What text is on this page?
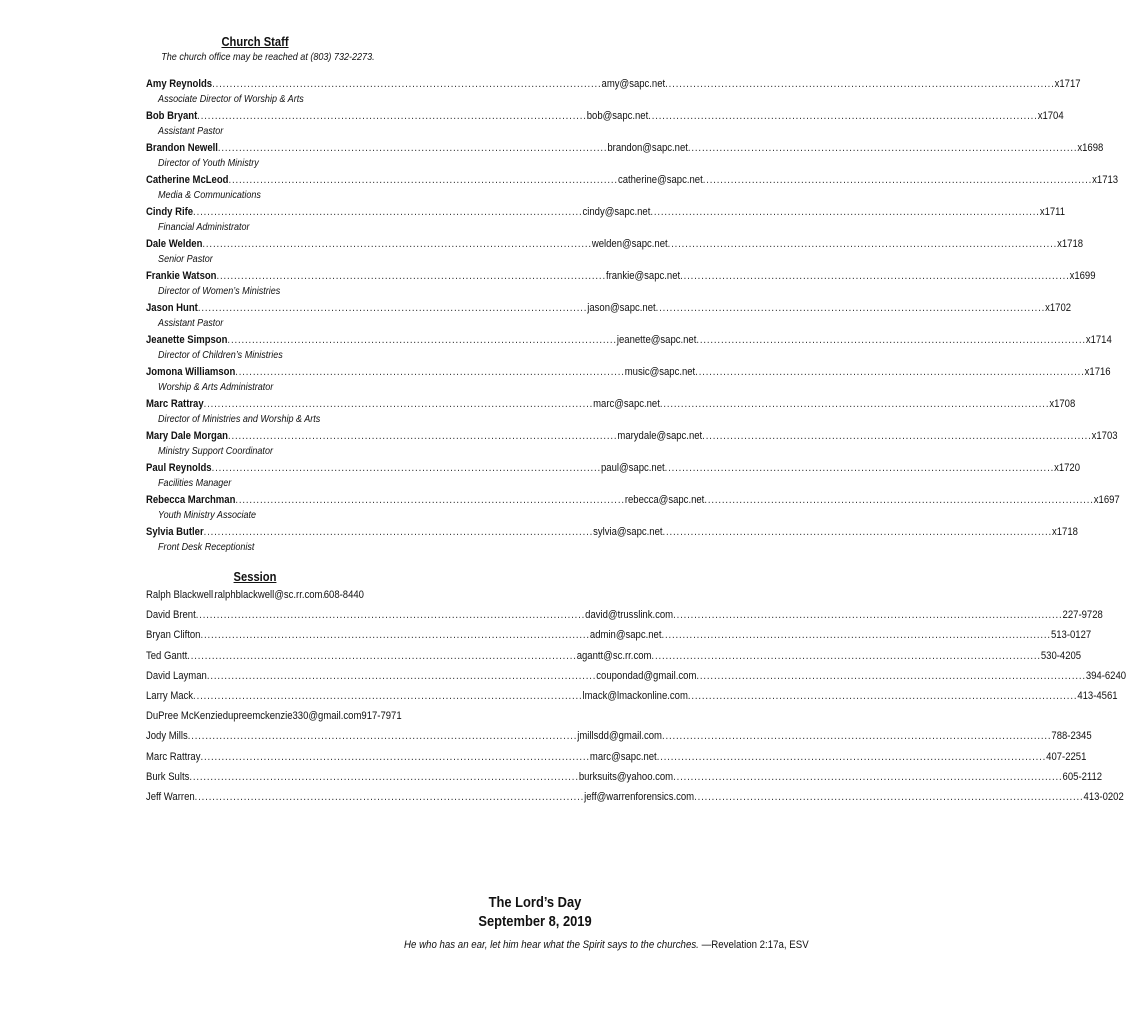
Church Staff
The church office may be reached at (803) 732-2273.
Amy Reynolds .....	amy@sapc.net .....	x1717
Associate Director of Worship & Arts
Bob Bryant .....	bob@sapc.net .....	x1704
Assistant Pastor
Brandon Newell .....	brandon@sapc.net .....	x1698
Director of Youth Ministry
Catherine McLeod .....	catherine@sapc.net .....	x1713
Media & Communications
Cindy Rife .....	cindy@sapc.net .....	x1711
Financial Administrator
Dale Welden .....	welden@sapc.net .....	x1718
Senior Pastor
Frankie Watson .....	frankie@sapc.net .....	x1699
Director of Women’s Ministries
Jason Hunt .....	jason@sapc.net .....	x1702
Assistant Pastor
Jeanette Simpson .....	jeanette@sapc.net .....	x1714
Director of Children’s Ministries
Jomona Williamson .....	music@sapc.net .....	x1716
Worship & Arts Administrator
Marc Rattray .....	marc@sapc.net .....	x1708
Director of Ministries and Worship & Arts
Mary Dale Morgan .....	marydale@sapc.net .....	x1703
Ministry Support Coordinator
Paul Reynolds .....	paul@sapc.net .....	x1720
Facilities Manager
Rebecca Marchman .....	rebecca@sapc.net .....	x1697
Youth Ministry Associate
Sylvia Butler .....	sylvia@sapc.net .....	x1718
Front Desk Receptionist
Session
Ralph Blackwell ..... ralphblackwell@sc.rr.com ..... 608-8440
David Brent .....	david@trusslink.com .....	227-9728
Bryan Clifton .....	admin@sapc.net .....	513-0127
Ted Gantt .....	agantt@sc.rr.com .....	530-4205
David Layman .....	coupondad@gmail.com .....	394-6240
Larry Mack .....	lmack@lmackonline.com .....	413-4561
DuPree McKenzie dupreemckenzie330@gmail.com 917-7971
Jody Mills .....	jmillsdd@gmail.com .....	788-2345
Marc Rattray .....	marc@sapc.net .....	407-2251
Burk Sults .....	burksuits@yahoo.com .....	605-2112
Jeff Warren .....	jeff@warrenforensics.com .....	413-0202
The Lord’s Day
September 8, 2019
He who has an ear, let him hear what the Spirit says to the churches. —Revelation 2:17a, ESV
